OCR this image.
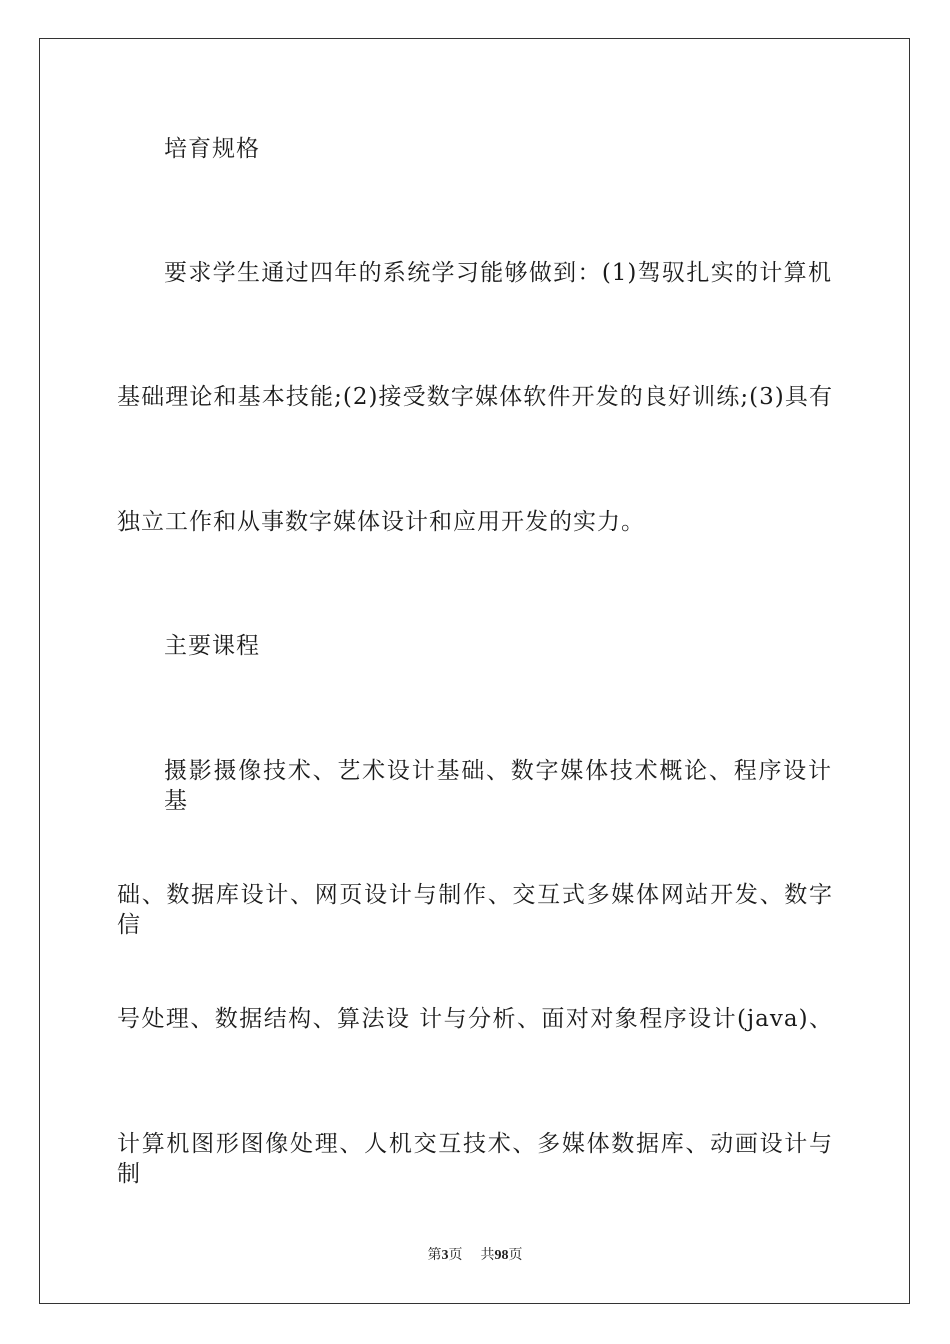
培育规格
要求学生通过四年的系统学习能够做到：(1)驾驭扎实的计算机
基础理论和基本技能;(2)接受数字媒体软件开发的良好训练;(3)具有
独立工作和从事数字媒体设计和应用开发的实力。
主要课程
摄影摄像技术、艺术设计基础、数字媒体技术概论、程序设计基
础、数据库设计、网页设计与制作、交互式多媒体网站开发、数字信
号处理、数据结构、算法设 计与分析、面对对象程序设计(java)、
计算机图形图像处理、人机交互技术、多媒体数据库、动画设计与制
第3页 共98页
